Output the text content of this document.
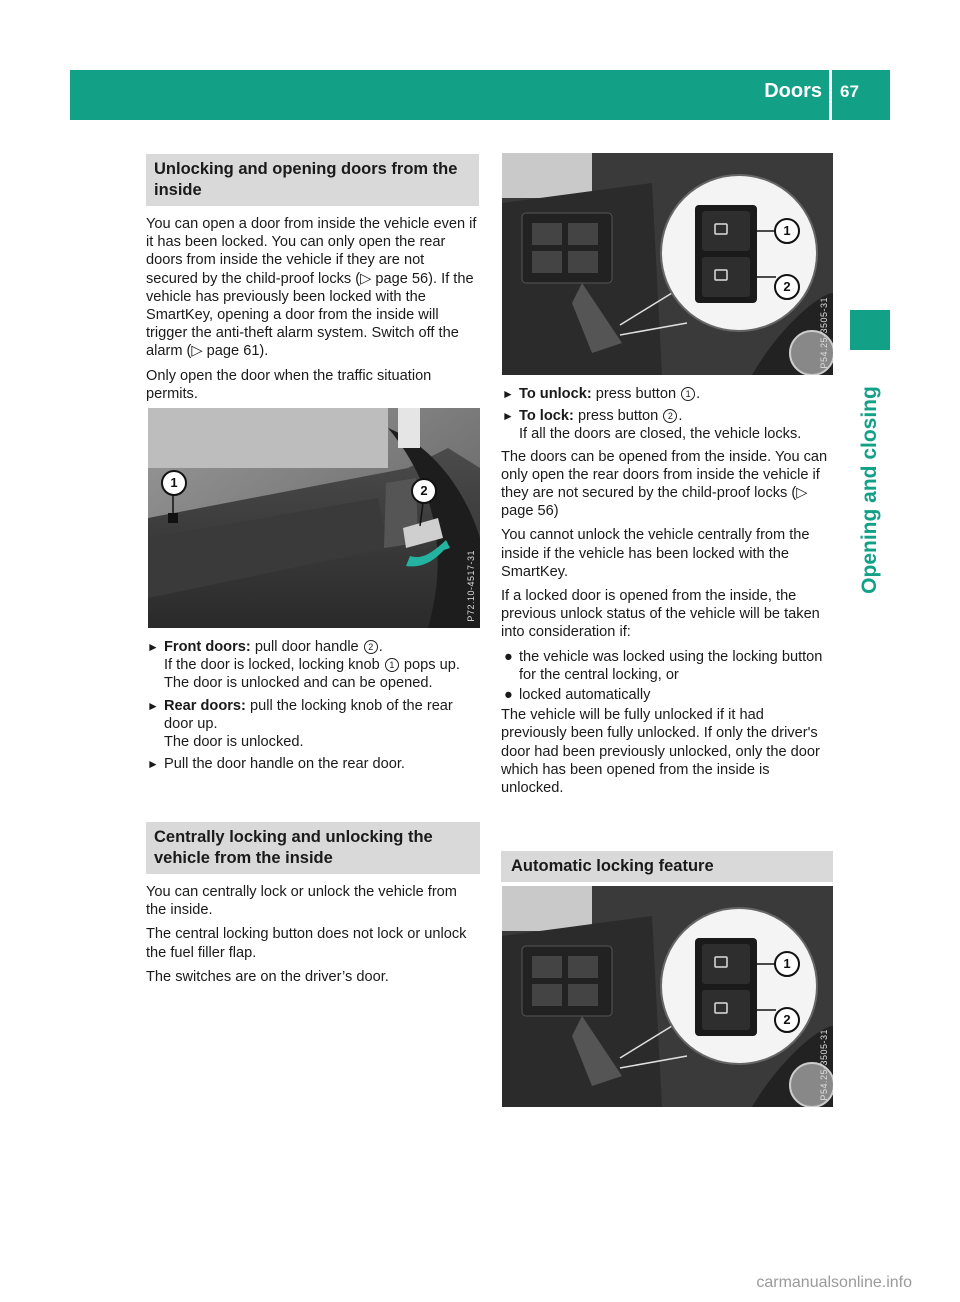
Doors 67
Opening and closing
Unlocking and opening doors from the inside

You can open a door from inside the vehicle even if it has been locked. You can only open the rear doors from inside the vehicle if they are not secured by the child-proof locks (▷ page 56). If the vehicle has previously been locked with the SmartKey, opening a door from the inside will trigger the anti-theft alarm system. Switch off the alarm (▷ page 61).

Only open the door when the traffic situation permits.

1
2
P72.10-4517-31
► Front doors: pull door handle 2 .
If the door is locked, locking knob 1 pops up. The door is unlocked and can be opened.
► Rear doors: pull the locking knob of the rear door up.
The door is unlocked.
► Pull the door handle on the rear door.
Centrally locking and unlocking the vehicle from the inside

You can centrally lock or unlock the vehicle from the inside.

The central locking button does not lock or unlock the fuel filler flap.

The switches are on the driver’s door.

1
2
P54.25-3505-31
► To unlock: press button 1 .
► To lock: press button 2 .
If all the doors are closed, the vehicle locks.

The doors can be opened from the inside. You can only open the rear doors from inside the vehicle if they are not secured by the child-proof locks (▷ page 56)

You cannot unlock the vehicle centrally from the inside if the vehicle has been locked with the SmartKey.

If a locked door is opened from the inside, the previous unlock status of the vehicle will be taken into consideration if:

● the vehicle was locked using the locking button for the central locking, or
● locked automatically

The vehicle will be fully unlocked if it had previously been fully unlocked. If only the driver's door had been previously unlocked, only the door which has been opened from the inside is unlocked.

Automatic locking feature
1
2
P54.25-3505-31
carmanualsonline.info
